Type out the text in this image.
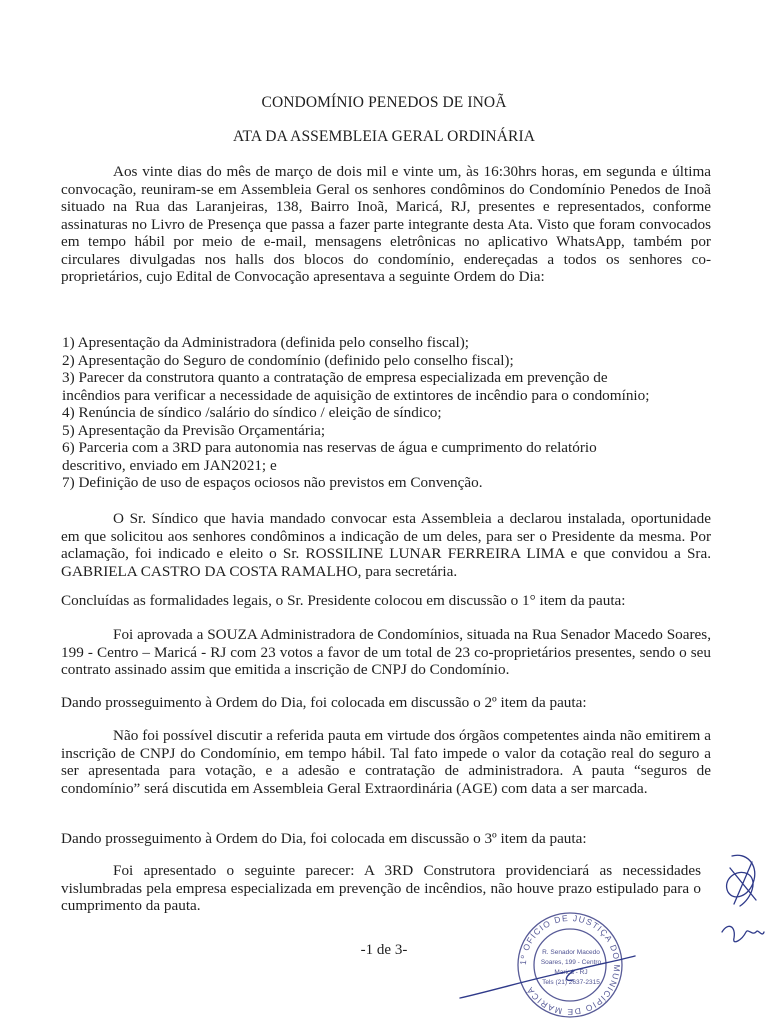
CONDOMÍNIO PENEDOS DE INOÃ
ATA DA ASSEMBLEIA GERAL ORDINÁRIA

Aos vinte dias do mês de março de dois mil e vinte um, às 16:30hrs horas, em segunda e última convocação, reuniram-se em Assembleia Geral os senhores condôminos do Condomínio Penedos de Inoã situado na Rua das Laranjeiras, 138, Bairro Inoã, Maricá, RJ, presentes e representados, conforme assinaturas no Livro de Presença que passa a fazer parte integrante desta Ata. Visto que foram convocados em tempo hábil por meio de e-mail, mensagens eletrônicas no aplicativo WhatsApp, também por circulares divulgadas nos halls dos blocos do condomínio, endereçadas a todos os senhores co-proprietários, cujo Edital de Convocação apresentava a seguinte Ordem do Dia:

1) Apresentação da Administradora (definida pelo conselho fiscal);
2) Apresentação do Seguro de condomínio (definido pelo conselho fiscal);
3) Parecer da construtora quanto a contratação de empresa especializada em prevenção de
incêndios para verificar a necessidade de aquisição de extintores de incêndio para o condomínio;
4) Renúncia de síndico /salário do síndico / eleição de síndico;
5) Apresentação da Previsão Orçamentária;
6) Parceria com a 3RD para autonomia nas reservas de água e cumprimento do relatório
descritivo, enviado em JAN2021; e
7) Definição de uso de espaços ociosos não previstos em Convenção.

O Sr. Síndico que havia mandado convocar esta Assembleia a declarou instalada, oportunidade em que solicitou aos senhores condôminos a indicação de um deles, para ser o Presidente da mesma. Por aclamação, foi indicado e eleito o Sr. ROSSILINE LUNAR FERREIRA LIMA e que convidou a Sra. GABRIELA CASTRO DA COSTA RAMALHO, para secretária.

Concluídas as formalidades legais, o Sr. Presidente colocou em discussão o 1° item da pauta:

Foi aprovada a SOUZA Administradora de Condomínios, situada na Rua Senador Macedo Soares, 199 - Centro – Maricá - RJ com 23 votos a favor de um total de 23 co-proprietários presentes, sendo o seu contrato assinado assim que emitida a inscrição de CNPJ do Condomínio.

Dando prosseguimento à Ordem do Dia, foi colocada em discussão o 2º item da pauta:

Não foi possível discutir a referida pauta em virtude dos órgãos competentes ainda não emitirem a inscrição de CNPJ do Condomínio, em tempo hábil. Tal fato impede o valor da cotação real do seguro a ser apresentada para votação, e a adesão e contratação de administradora. A pauta “seguros de condomínio” será discutida em Assembleia Geral Extraordinária (AGE) com data a ser marcada.

Dando prosseguimento à Ordem do Dia, foi colocada em discussão o 3º item da pauta:

Foi apresentado o seguinte parecer: A 3RD Construtora providenciará as necessidades vislumbradas pela empresa especializada em prevenção de incêndios, não houve prazo estipulado para o cumprimento da pauta.

-1 de 3-
1º OFÍCIO DE JUSTIÇA DO MUNICÍPIO DE MARICÁ
R. Senador Macedo
Soares, 199 - Centro
Maricá - RJ
Tels (21) 2637-2315
